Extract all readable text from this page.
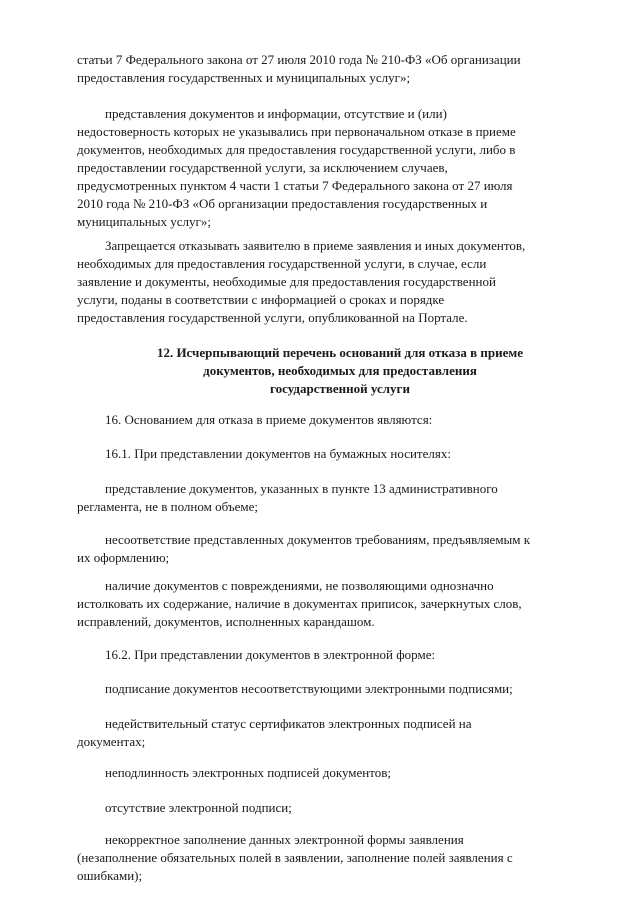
статьи 7 Федерального закона от 27 июля 2010 года № 210-ФЗ «Об организации
предоставления государственных и муниципальных услуг»;

представления документов и информации, отсутствие и (или)
недостоверность которых не указывались при первоначальном отказе в приеме
документов, необходимых для предоставления государственной услуги, либо в
предоставлении государственной услуги, за исключением случаев,
предусмотренных пунктом 4 части 1 статьи 7 Федерального закона от 27 июля
2010 года № 210-ФЗ «Об организации предоставления государственных и
муниципальных услуг»;

Запрещается отказывать заявителю в приеме заявления и иных документов,
необходимых для предоставления государственной услуги, в случае, если
заявление и документы, необходимые для предоставления государственной
услуги, поданы в соответствии с информацией о сроках и порядке
предоставления государственной услуги, опубликованной на Портале.

12. Исчерпывающий перечень оснований для отказа в приеме
документов, необходимых для предоставления
государственной услуги

16. Основанием для отказа в приеме документов являются:

16.1. При представлении документов на бумажных носителях:

представление документов, указанных в пункте 13 административного
регламента, не в полном объеме;

несоответствие представленных документов требованиям, предъявляемым к
их оформлению;

наличие документов с повреждениями, не позволяющими однозначно
истолковать их содержание, наличие в документах приписок, зачеркнутых слов,
исправлений, документов, исполненных карандашом.

16.2. При представлении документов в электронной форме:

подписание документов несоответствующими электронными подписями;

недействительный статус сертификатов электронных подписей на
документах;

неподлинность электронных подписей документов;

отсутствие электронной подписи;

некорректное заполнение данных электронной формы заявления
(незаполнение обязательных полей в заявлении, заполнение полей заявления с
ошибками);
